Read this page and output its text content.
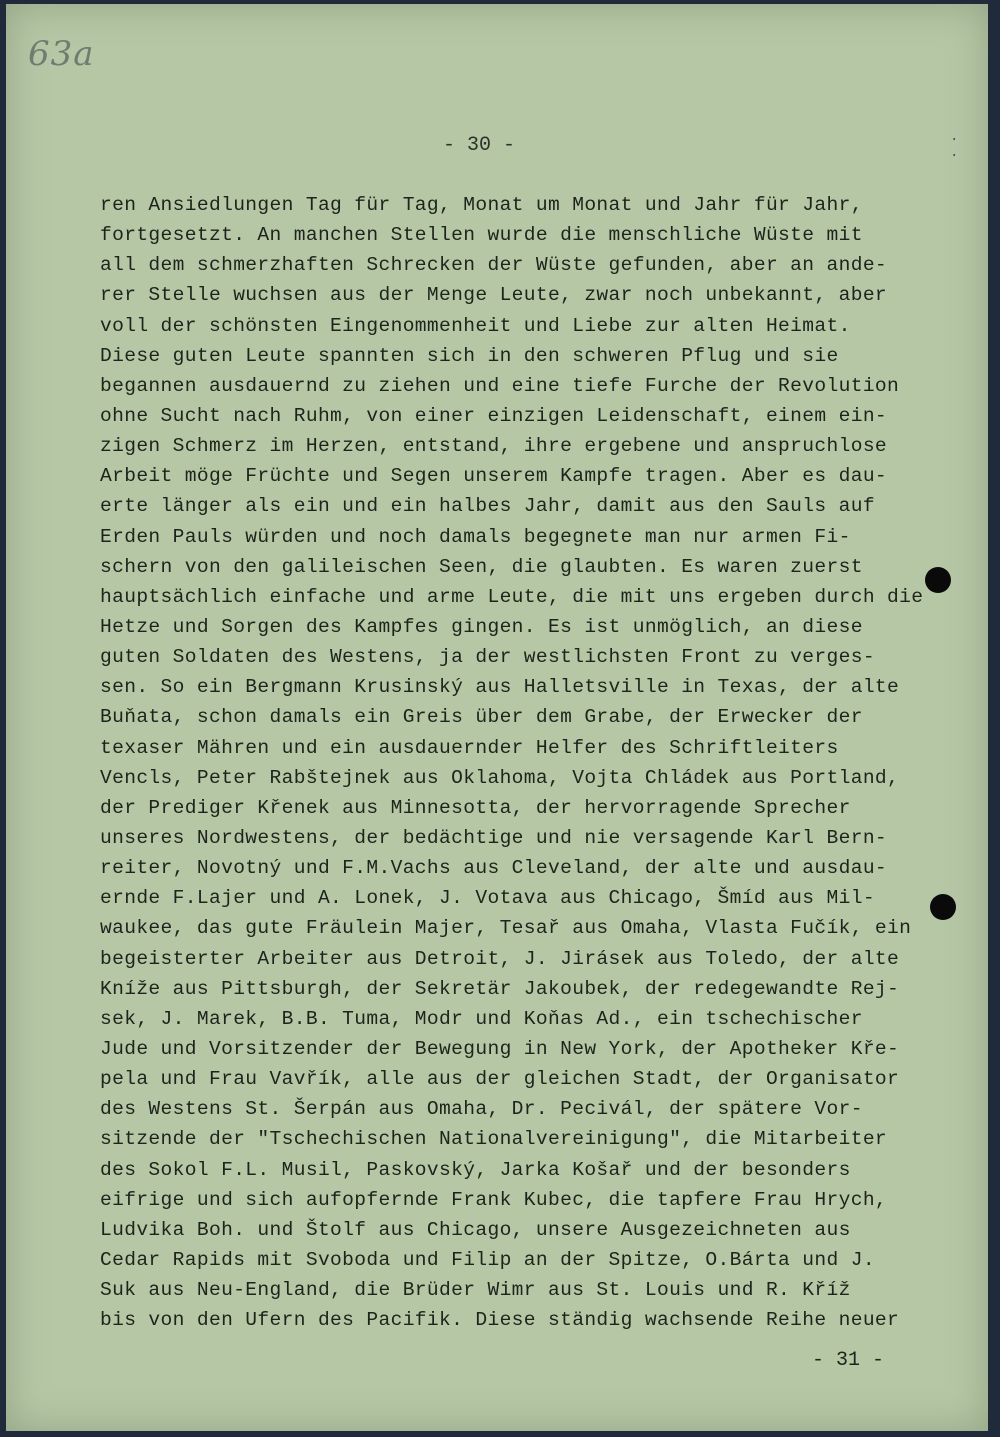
63a
- 30 -	· ·
ren Ansiedlungen Tag für Tag, Monat um Monat und Jahr für Jahr,
fortgesetzt. An manchen Stellen wurde die menschliche Wüste mit
all dem schmerzhaften Schrecken der Wüste gefunden, aber an ande-
rer Stelle wuchsen aus der Menge Leute, zwar noch unbekannt, aber
voll der schönsten Eingenommenheit und Liebe zur alten Heimat.
Diese guten Leute spannten sich in den schweren Pflug und sie
begannen ausdauernd zu ziehen und eine tiefe Furche der Revolution
ohne Sucht nach Ruhm, von einer einzigen Leidenschaft, einem ein-
zigen Schmerz im Herzen, entstand, ihre ergebene und anspruchlose
Arbeit möge Früchte und Segen unserem Kampfe tragen. Aber es dau-
erte länger als ein und ein halbes Jahr, damit aus den Sauls auf
Erden Pauls würden und noch damals begegnete man nur armen Fi-
schern von den galileischen Seen, die glaubten. Es waren zuerst
hauptsächlich einfache und arme Leute, die mit uns ergeben durch die
Hetze und Sorgen des Kampfes gingen. Es ist unmöglich, an diese
guten Soldaten des Westens, ja der westlichsten Front zu verges-
sen. So ein Bergmann Krusinský aus Halletsville in Texas, der alte
Buňata, schon damals ein Greis über dem Grabe, der Erwecker der
texaser Mähren und ein ausdauernder Helfer des Schriftleiters
Vencls, Peter Rabštejnek aus Oklahoma, Vojta Chládek aus Portland,
der Prediger Křenek aus Minnesotta, der hervorragende Sprecher
unseres Nordwestens, der bedächtige und nie versagende Karl Bern-
reiter, Novotný und F.M.Vachs aus Cleveland, der alte und ausdau-
ernde F.Lajer und A. Lonek, J. Votava aus Chicago, Šmíd aus Mil-
waukee, das gute Fräulein Majer, Tesař aus Omaha, Vlasta Fučík, ein
begeisterter Arbeiter aus Detroit, J. Jirásek aus Toledo, der alte
Kníže aus Pittsburgh, der Sekretär Jakoubek, der redegewandte Rej-
sek, J. Marek, B.B. Tuma, Modr und Koňas Ad., ein tschechischer
Jude und Vorsitzender der Bewegung in New York, der Apotheker Kře-
pela und Frau Vavřík, alle aus der gleichen Stadt, der Organisator
des Westens St. Šerpán aus Omaha, Dr. Pecivál, der spätere Vor-
sitzende der "Tschechischen Nationalvereinigung", die Mitarbeiter
des Sokol F.L. Musil, Paskovský, Jarka Košař und der besonders
eifrige und sich aufopfernde Frank Kubec, die tapfere Frau Hrych,
Ludvika Boh. und Štolf aus Chicago, unsere Ausgezeichneten aus
Cedar Rapids mit Svoboda und Filip an der Spitze, O.Bárta und J.
Suk aus Neu-England, die Brüder Wimr aus St. Louis und R. Kříž
bis von den Ufern des Pacifik. Diese ständig wachsende Reihe neuer
- 31 -
